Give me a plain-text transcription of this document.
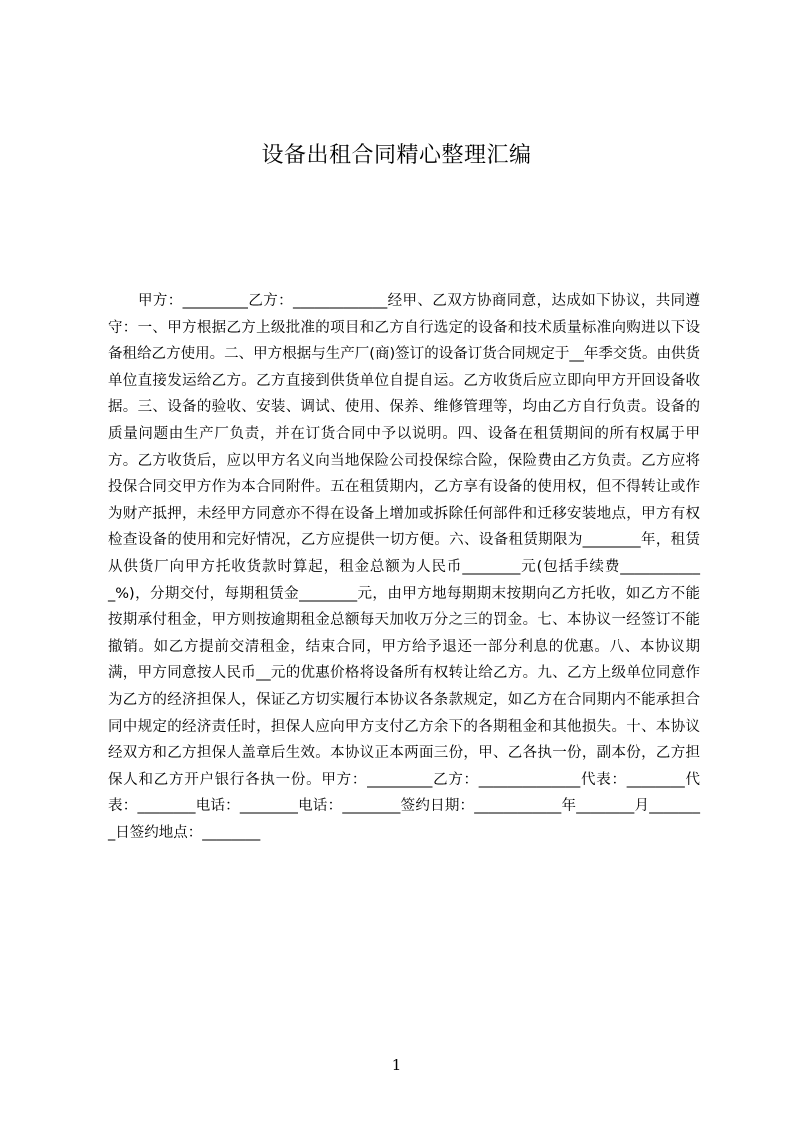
设备出租合同精心整理汇编

甲方：_________乙方：_____________经甲、乙双方协商同意，达成如下协议，共同遵守：一、甲方根据乙方上级批准的项目和乙方自行选定的设备和技术质量标准向购进以下设备租给乙方使用。二、甲方根据与生产厂(商)签订的设备订货合同规定于__年季交货。由供货单位直接发运给乙方。乙方直接到供货单位自提自运。乙方收货后应立即向甲方开回设备收据。三、设备的验收、安装、调试、使用、保养、维修管理等，均由乙方自行负责。设备的质量问题由生产厂负责，并在订货合同中予以说明。四、设备在租赁期间的所有权属于甲方。乙方收货后，应以甲方名义向当地保险公司投保综合险，保险费由乙方负责。乙方应将投保合同交甲方作为本合同附件。五在租赁期内，乙方享有设备的使用权，但不得转让或作为财产抵押，未经甲方同意亦不得在设备上增加或拆除任何部件和迁移安装地点，甲方有权检查设备的使用和完好情况，乙方应提供一切方便。六、设备租赁期限为________年，租赁从供货厂向甲方托收货款时算起，租金总额为人民币________元(包括手续费____________%)，分期交付，每期租赁金________元，由甲方地每期期末按期向乙方托收，如乙方不能按期承付租金，甲方则按逾期租金总额每天加收万分之三的罚金。七、本协议一经签订不能撤销。如乙方提前交清租金，结束合同，甲方给予退还一部分利息的优惠。八、本协议期满，甲方同意按人民币__元的优惠价格将设备所有权转让给乙方。九、乙方上级单位同意作为乙方的经济担保人，保证乙方切实履行本协议各条款规定，如乙方在合同期内不能承担合同中规定的经济责任时，担保人应向甲方支付乙方余下的各期租金和其他损失。十、本协议经双方和乙方担保人盖章后生效。本协议正本两面三份，甲、乙各执一份，副本份，乙方担保人和乙方开户银行各执一份。甲方：_________乙方：______________代表：________代表：________电话：________电话：________签约日期：____________年________月________日签约地点：________

1
